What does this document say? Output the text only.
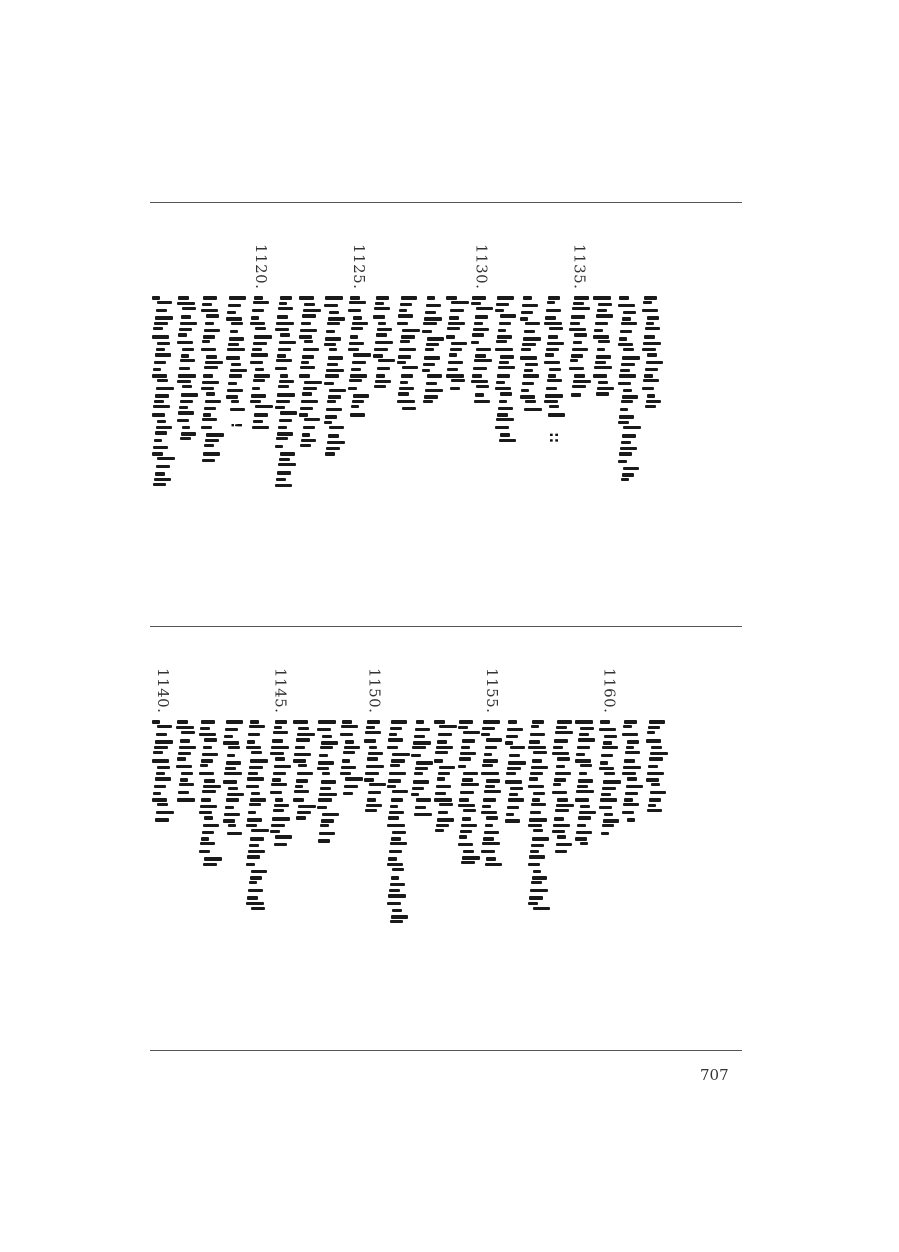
!
1120.	1125.	1130.
::
1135.
1140.	1145.	1150.	1155.	1160.
707
